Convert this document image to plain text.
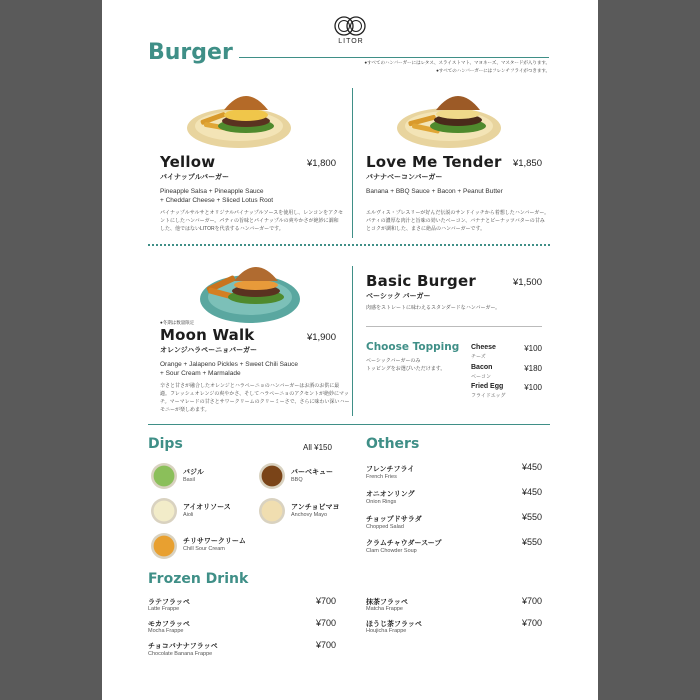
LITOR
Burger	●すべてのハンバーガーにはレタス、スライストマト、マヨネーズ、マスタードが入ります。
●すべてのハンバーガーにはフレンチフライがつきます。
Yellow	¥1,800
パイナップルバーガー
Pineapple Salsa + Pineapple Sauce
+ Cheddar Cheese + Sliced Lotus Root
パイナップルサルサとオリジナルパイナップルソースを使用し、レンコンをアクセ
ントにしたハンバーガー。パティの旨味とパイナップルの爽やかさが絶妙に調和
した、他ではないLITORを代表するハンバーガーです。
Love Me Tender ¥1,850
バナナベーコンバーガー
Banana + BBQ Sauce + Bacon + Peanut Butter
エルヴィス・プレスリーが好んだ伝説のサンドイッチから着想したハンバーガー。
パティの濃厚な肉汁と旨味の効いたベーコン、バナナとピーナッツバターの甘み
とコクが調和した、まさに絶品のハンバーガーです。
●冬期は数量限定
Moon Walk	¥1,900
オレンジハラペーニョバーガー
Orange + Jalapeno Pickles + Sweet Chili Sauce
+ Sour Cream + Marmalade
辛さと甘さが融合したオレンジとハラペーニョのハンバーガーはお酒のお供に最
適。フレッシュオレンジの爽やかさ、そしてハラペーニョのアクセントが絶妙にマッ
チ。マーマレードの甘さとサワークリームのクリーミーさで、さらに味わい深いハー
モニーが楽しめます。
Basic Burger	¥1,500
ベーシック バーガー
肉感をストレートに味わえるスタンダードなハンバーガー。
Choose Topping
ベーシックバーガーのみ
トッピングをお選びいただけます。
Cheese
チーズ
¥100
Bacon
ベーコン
¥180
Fried Egg
フライドエッグ
¥100
Dips	All ¥150
バジル
Basil
バーベキュー
BBQ
アイオリソース
Aioli
アンチョビマヨ
Anchovy Mayo
チリサワークリーム
Chill Sour Cream
Others
フレンチフライ
French Fries
¥450
オニオンリング
Onion Rings
¥450
チョップドサラダ
Chopped Salad
¥550
クラムチャウダースープ
Clam Chowder Soup
¥550
Frozen Drink
ラテフラッペ
Latte Frappe
¥700
モカフラッペ
Mocha Frappe
¥700
チョコバナナフラッペ
Chocolate Banana Frappe
¥700
抹茶フラッペ
Matcha Frappe
¥700
ほうじ茶フラッペ
Houjicha Frappe
¥700
